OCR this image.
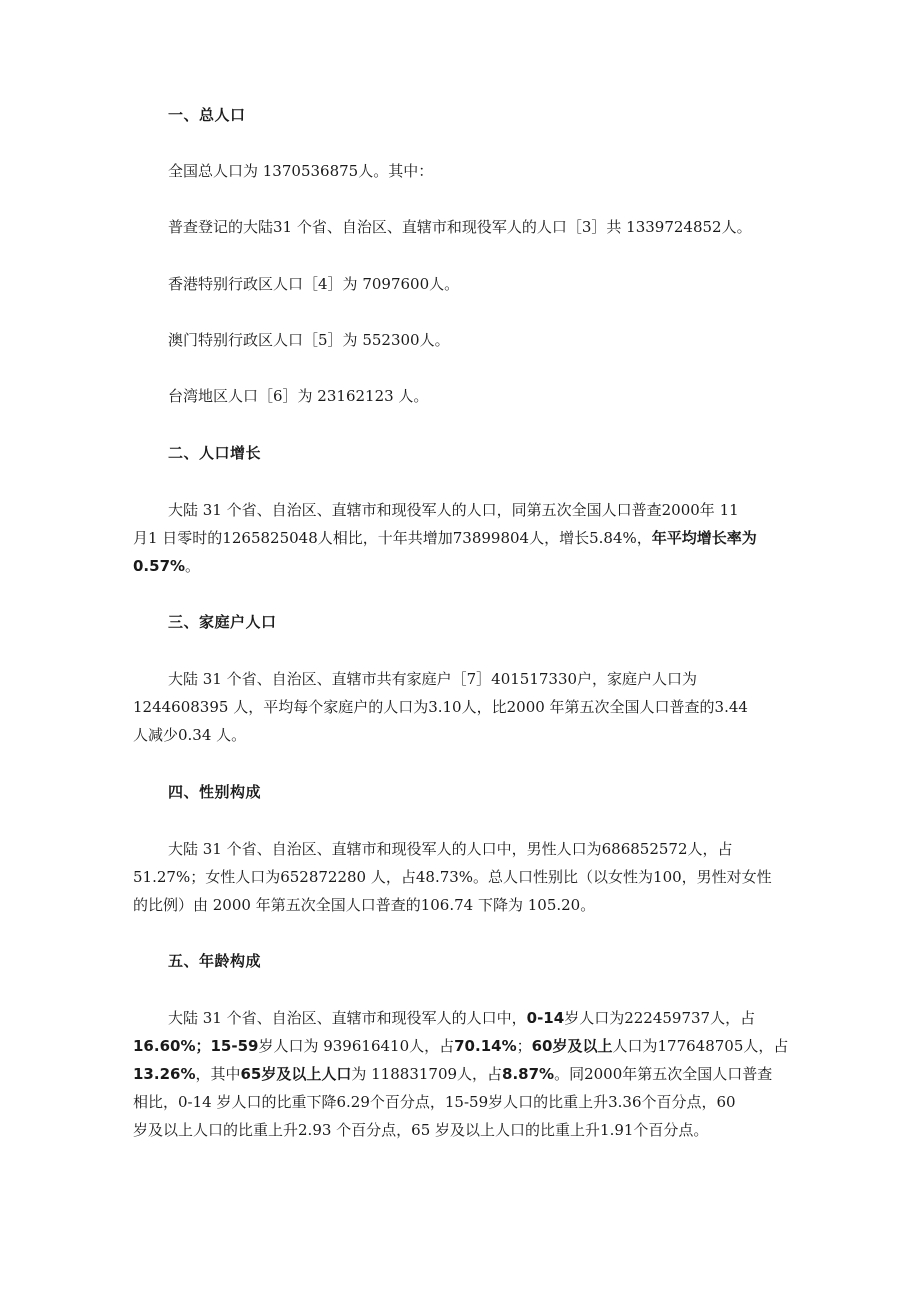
一、总人口

全国总人口为 1370536875人。其中：

普查登记的大陆31 个省、自治区、直辖市和现役军人的人口［3］共 1339724852人。

香港特别行政区人口［4］为 7097600人。

澳门特别行政区人口［5］为 552300人。

台湾地区人口［6］为 23162123 人。

二、人口增长

大陆 31 个省、自治区、直辖市和现役军人的人口，同第五次全国人口普查2000年 11

月1 日零时的1265825048人相比，十年共增加73899804人，增长5.84%，年平均增长率为

0.57%。

三、家庭户人口

大陆 31 个省、自治区、直辖市共有家庭户［7］401517330户，家庭户人口为

1244608395 人，平均每个家庭户的人口为3.10人，比2000 年第五次全国人口普查的3.44

人减少0.34 人。

四、性别构成

大陆 31 个省、自治区、直辖市和现役军人的人口中，男性人口为686852572人，占

51.27%；女性人口为652872280 人，占48.73%。总人口性别比（以女性为100，男性对女性

的比例）由 2000 年第五次全国人口普查的106.74 下降为 105.20。

五、年龄构成

大陆 31 个省、自治区、直辖市和现役军人的人口中，0-14岁人口为222459737人，占

16.60%；15-59岁人口为 939616410人，占70.14%；60岁及以上人口为177648705人，占

13.26%，其中65岁及以上人口为 118831709人，占8.87%。同2000年第五次全国人口普查

相比，0-14 岁人口的比重下降6.29个百分点，15-59岁人口的比重上升3.36个百分点，60

岁及以上人口的比重上升2.93 个百分点，65 岁及以上人口的比重上升1.91个百分点。
